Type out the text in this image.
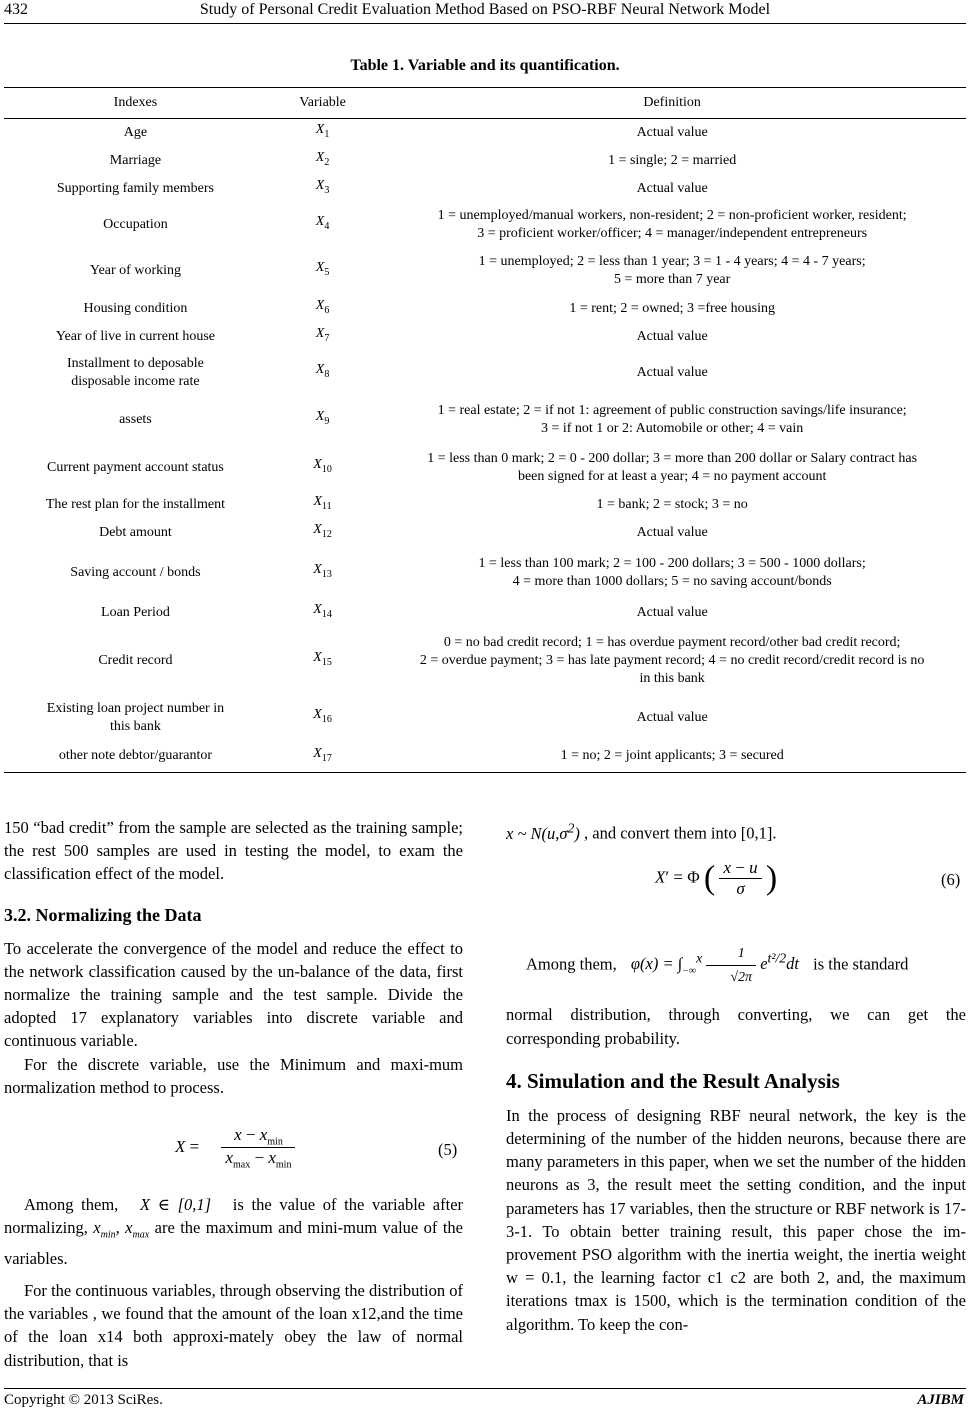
432	Study of Personal Credit Evaluation Method Based on PSO-RBF Neural Network Model
Table 1. Variable and its quantification.
Indexes	Variable	Definition
Age	$X_1$	Actual value

Marriage	$X_2$	1 = single; 2 = married

Supporting family members	$X_3$	Actual value

Occupation	$X_4$	1 = unemployed/manual workers, non-resident; 2 = non-proficient worker, resident;
3 = proficient worker/officer; 4 = manager/independent entrepreneurs

Year of working	$X_5$	1 = unemployed; 2 = less than 1 year; 3 = 1 - 4 years; 4 = 4 - 7 years;
5 = more than 7 year

Housing condition	$X_6$	1 = rent; 2 = owned; 3 =free housing

Year of live in current house	$X_7$	Actual value

Installment to deposable disposable income rate	$X_8$	Actual value

assets	$X_9$	1 = real estate; 2 = if not 1: agreement of public construction savings/life insurance;
3 = if not 1 or 2: Automobile or other; 4 = vain

Current payment account status	$X_{10}$	1 = less than 0 mark; 2 = 0 - 200 dollar; 3 = more than 200 dollar or Salary contract has
been signed for at least a year; 4 = no payment account

The rest plan for the installment	$X_{11}$	1 = bank; 2 = stock; 3 = no

Debt amount	$X_{12}$	Actual value

Saving account / bonds	$X_{13}$	1 = less than 100 mark; 2 = 100 - 200 dollars; 3 = 500 - 1000 dollars;
4 = more than 1000 dollars; 5 = no saving account/bonds

Loan Period	$X_{14}$	Actual value

Credit record	$X_{15}$	0 = no bad credit record; 1 = has overdue payment record/other bad credit record;
2 = overdue payment; 3 = has late payment record; 4 = no credit record/credit record is no
in this bank

Existing loan project number in this bank	$X_{16}$	Actual value

other note debtor/guarantor	$X_{17}$	1 = no; 2 = joint applicants; 3 = secured

150 “bad credit” from the sample are selected as the training sample; the rest 500 samples are used in testing the model, to exam the classification effect of the model.

3.2. Normalizing the Data

To accelerate the convergence of the model and reduce the effect to the network classification caused by the un-balance of the data, first normalize the training sample and the test sample. Divide the adopted 17 explanatory variables into discrete variable and continuous variable.

For the discrete variable, use the Minimum and maxi-mum normalization method to process.

$X = \frac{x - x_{min}}{x_{max} - x_{min}}$	(5)

Among them, X ∈ [0,1] is the value of the variable after normalizing, $x_{min}$, $x_{max}$ are the maximum and mini-mum value of the variables.

For the continuous variables, through observing the distribution of the variables , we found that the amount of the loan x12,and the time of the loan x14 both approxi-mately obey the law of normal distribution, that is

x ~ $N(u,\sigma^2)$ , and convert them into [0,1].

X′ = Φ ( $\frac{x - u}{\sigma}$ )	(6)

Among them, $\varphi(x) = \int_{-\infty}^x \frac{1}{√2\pi} e^{t^2/2}dt$ is the standard

normal distribution, through converting, we can get the corresponding probability.

4. Simulation and the Result Analysis

In the process of designing RBF neural network, the key is the determining of the number of the hidden neurons, because there are many parameters in this paper, when we set the number of the hidden neurons as 3, the result meet the setting condition, and the input parameters has 17 variables, then the structure or RBF network is 17-3-1. To obtain better training result, this paper chose the im-provement PSO algorithm with the inertia weight, the inertia weight w = 0.1, the learning factor c1 c2 are both 2, and, the maximum iterations tmax is 1500, which is the termination condition of the algorithm. To keep the con-

Copyright © 2013 SciRes.	AJIBM
